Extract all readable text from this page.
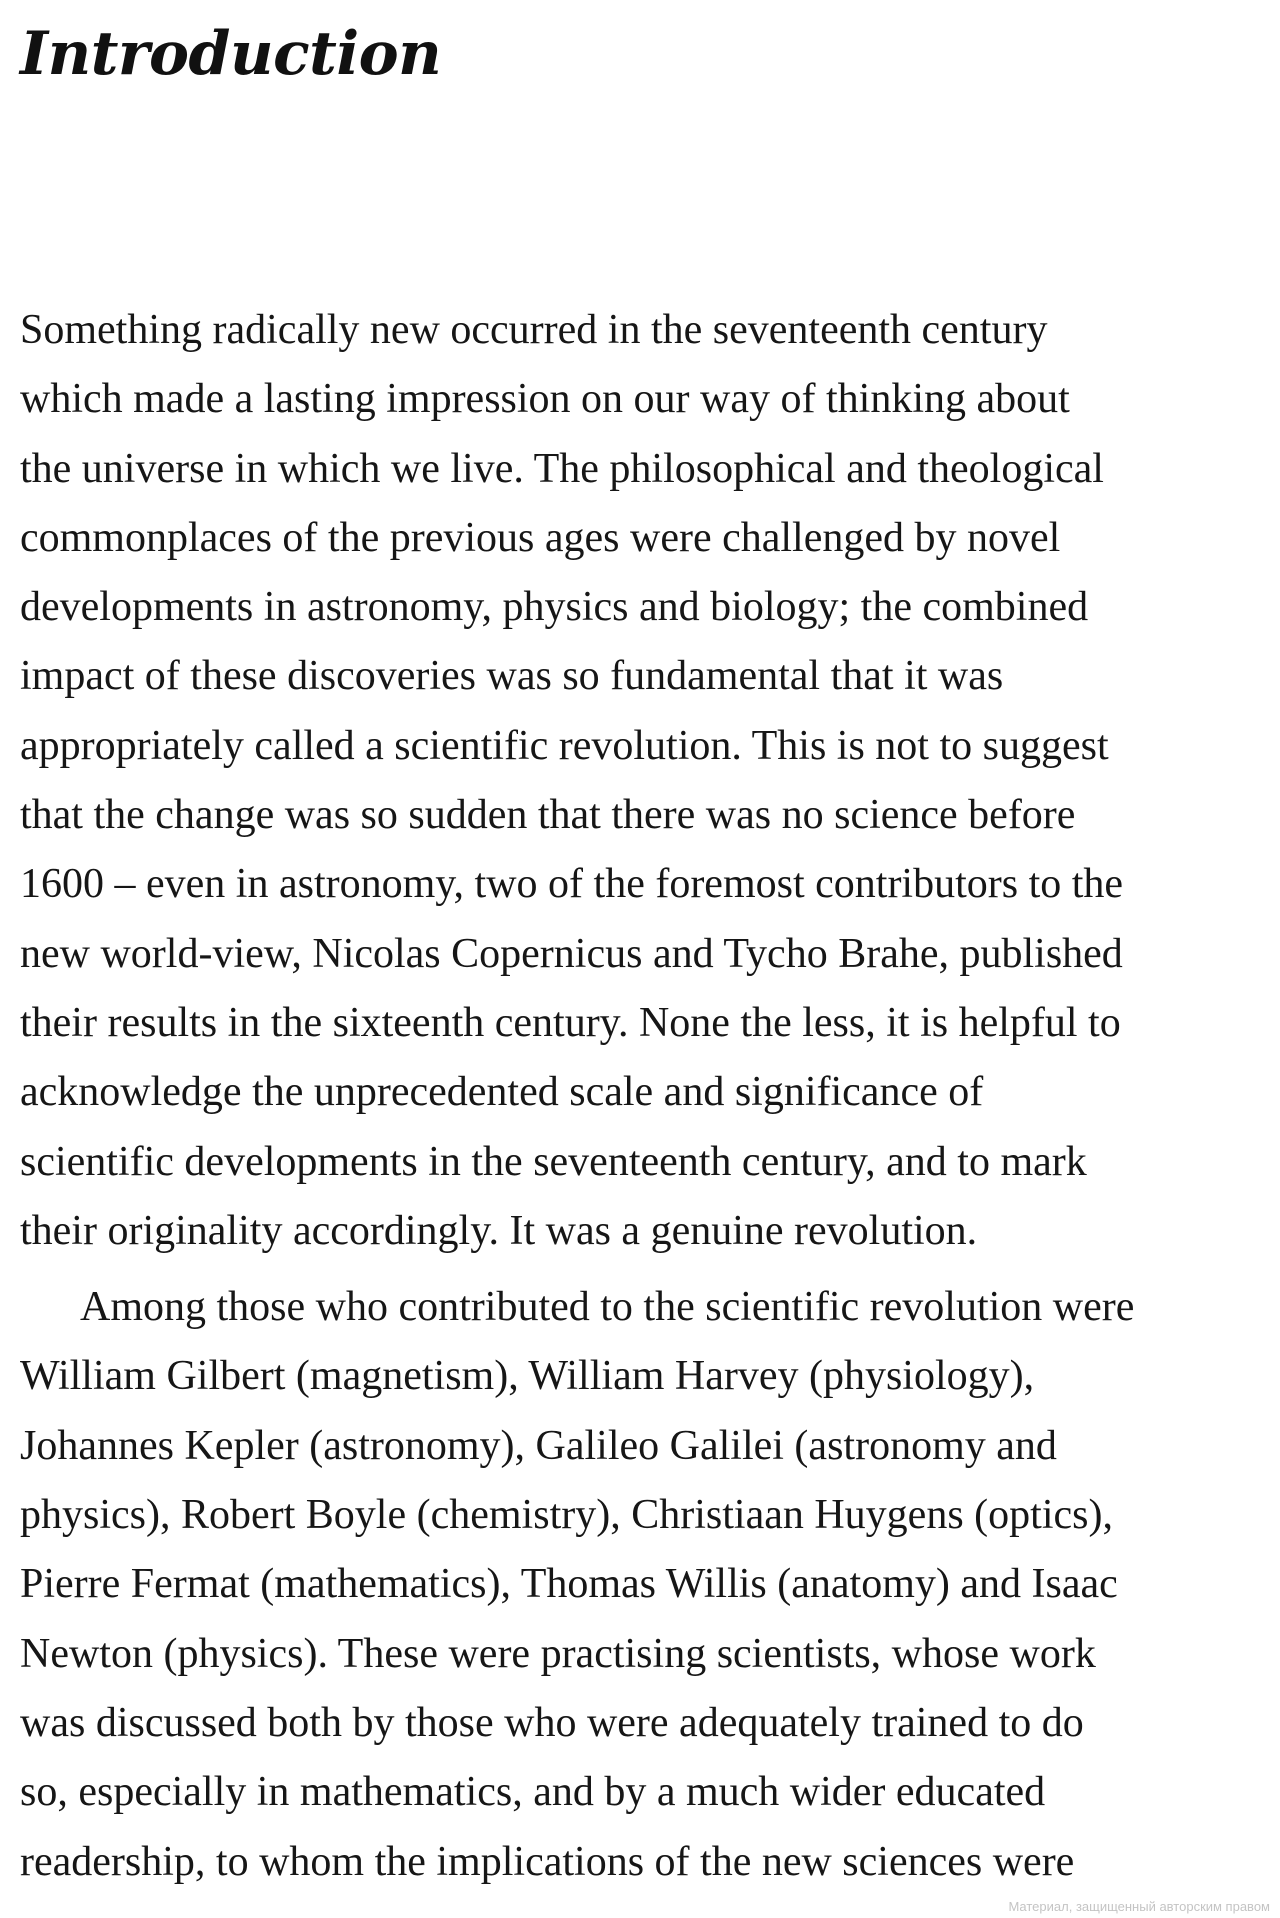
Introduction
Something radically new occurred in the seventeenth century
which made a lasting impression on our way of thinking about
the universe in which we live. The philosophical and theological
commonplaces of the previous ages were challenged by novel
developments in astronomy, physics and biology; the combined
impact of these discoveries was so fundamental that it was
appropriately called a scientific revolution. This is not to suggest
that the change was so sudden that there was no science before
1600 – even in astronomy, two of the foremost contributors to the
new world-view, Nicolas Copernicus and Tycho Brahe, published
their results in the sixteenth century. None the less, it is helpful to
acknowledge the unprecedented scale and significance of
scientific developments in the seventeenth century, and to mark
their originality accordingly. It was a genuine revolution.
Among those who contributed to the scientific revolution were
William Gilbert (magnetism), William Harvey (physiology),
Johannes Kepler (astronomy), Galileo Galilei (astronomy and
physics), Robert Boyle (chemistry), Christiaan Huygens (optics),
Pierre Fermat (mathematics), Thomas Willis (anatomy) and Isaac
Newton (physics). These were practising scientists, whose work
was discussed both by those who were adequately trained to do
so, especially in mathematics, and by a much wider educated
readership, to whom the implications of the new sciences were
Материал, защищенный авторским правом
